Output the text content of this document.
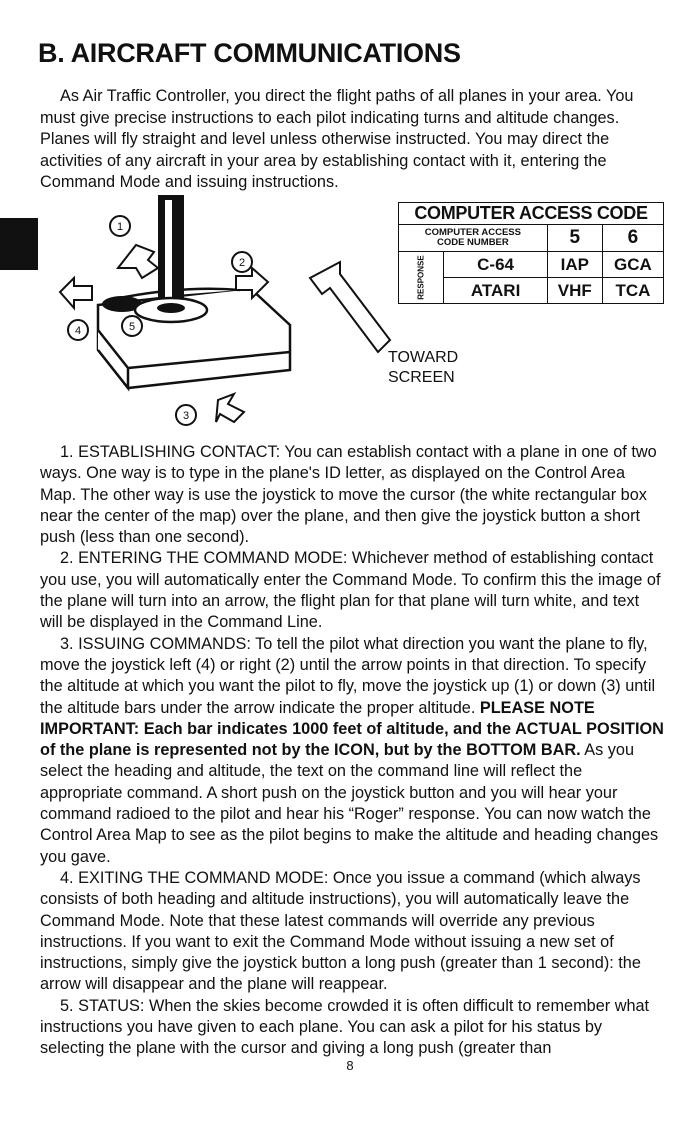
B. AIRCRAFT COMMUNICATIONS

As Air Traffic Controller, you direct the flight paths of all planes in your area. You must give precise instructions to each pilot indicating turns and altitude changes. Planes will fly straight and level unless otherwise instructed. You may direct the activities of any aircraft in your area by establishing contact with it, entering the Command Mode and issuing instructions.

1
2
3
4	5
TOWARD
SCREEN
COMPUTER ACCESS CODE			

COMPUTER ACCESS
CODE NUMBER		5	6
RESPONSE	C-64	IAP	GCA
	ATARI	VHF	TCA

1. ESTABLISHING CONTACT: You can establish contact with a plane in one of two ways. One way is to type in the plane's ID letter, as displayed on the Control Area Map. The other way is use the joystick to move the cursor (the white rectangular box near the center of the map) over the plane, and then give the joystick button a short push (less than one second).

2. ENTERING THE COMMAND MODE: Whichever method of establishing contact you use, you will automatically enter the Command Mode. To confirm this the image of the plane will turn into an arrow, the flight plan for that plane will turn white, and text will be displayed in the Command Line.

3. ISSUING COMMANDS: To tell the pilot what direction you want the plane to fly, move the joystick left (4) or right (2) until the arrow points in that direction. To specify the altitude at which you want the pilot to fly, move the joystick up (1) or down (3) until the altitude bars under the arrow indicate the proper altitude. PLEASE NOTE IMPORTANT: Each bar indicates 1000 feet of altitude, and the ACTUAL POSITION of the plane is represented not by the ICON, but by the BOTTOM BAR. As you select the heading and altitude, the text on the command line will reflect the appropriate command. A short push on the joystick button and you will hear your command radioed to the pilot and hear his “Roger” response. You can now watch the Control Area Map to see as the pilot begins to make the altitude and heading changes you gave.

4. EXITING THE COMMAND MODE: Once you issue a command (which always consists of both heading and altitude instructions), you will automatically leave the Command Mode. Note that these latest commands will override any previous instructions. If you want to exit the Command Mode without issuing a new set of instructions, simply give the joystick button a long push (greater than 1 second): the arrow will disappear and the plane will reappear.

5. STATUS: When the skies become crowded it is often difficult to remember what instructions you have given to each plane. You can ask a pilot for his status by selecting the plane with the cursor and giving a long push (greater than

8
